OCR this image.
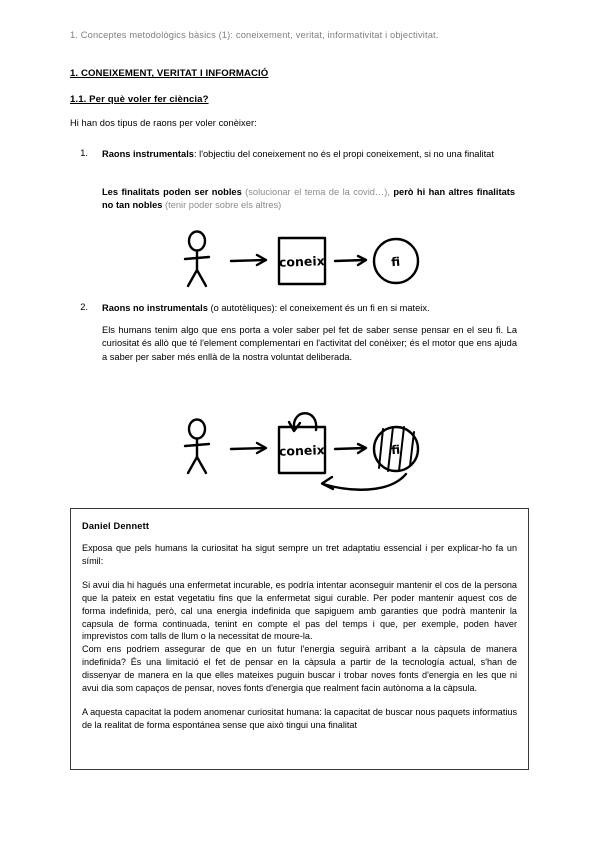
1. Conceptes metodològics bàsics (1): coneixement, veritat, informativitat i objectivitat.
1. CONEIXEMENT, VERITAT I INFORMACIÓ
1.1. Per què voler fer ciència?
Hi han dos tipus de raons per voler conèixer:
1. Raons instrumentals: l'objectiu del coneixement no és el propi coneixement, si no una finalitat
Les finalitats poden ser nobles (solucionar el tema de la covid…), però hi han altres finalitats no tan nobles (tenir poder sobre els altres)
coneix	fi
2. Raons no instrumentals (o autotèliques): el coneixement és un fi en si mateix.
Els humans tenim algo que ens porta a voler saber pel fet de saber sense pensar en el seu fi. La curiositat és allò que té l'element complementari en l'activitat del conèixer; és el motor que ens ajuda a saber per saber més enllà de la nostra voluntat deliberada.
coneix	fi
Daniel Dennett
Exposa que pels humans la curiositat ha sigut sempre un tret adaptatiu essencial i per explicar-ho fa un símil:
Si avui dia hi hagués una enfermetat incurable, es podría intentar aconseguir mantenir el cos de la persona que la pateix en estat vegetatiu fins que la enfermetat sigui curable. Per poder mantenir aquest cos de forma indefinida, però, cal una energia indefinida que sapiguem amb garanties que podrà mantenir la capsula de forma continuada, tenint en compte el pas del temps i que, per exemple, poden haver imprevistos com talls de llum o la necessitat de moure-la.
Com ens podriem assegurar de que en un futur l'energia seguirà arribant a la càpsula de manera indefinida? És una limitació el fet de pensar en la càpsula a partir de la tecnología actual, s'han de dissenyar de manera en la que elles mateixes puguin buscar i trobar noves fonts d'energia en les que ni avui dia som capaços de pensar, noves fonts d'energia que realment facin autònoma a la càpsula.
A aquesta capacitat la podem anomenar curiositat humana: la capacitat de buscar nous paquets informatius de la realitat de forma espontánea sense que això tingui una finalitat
